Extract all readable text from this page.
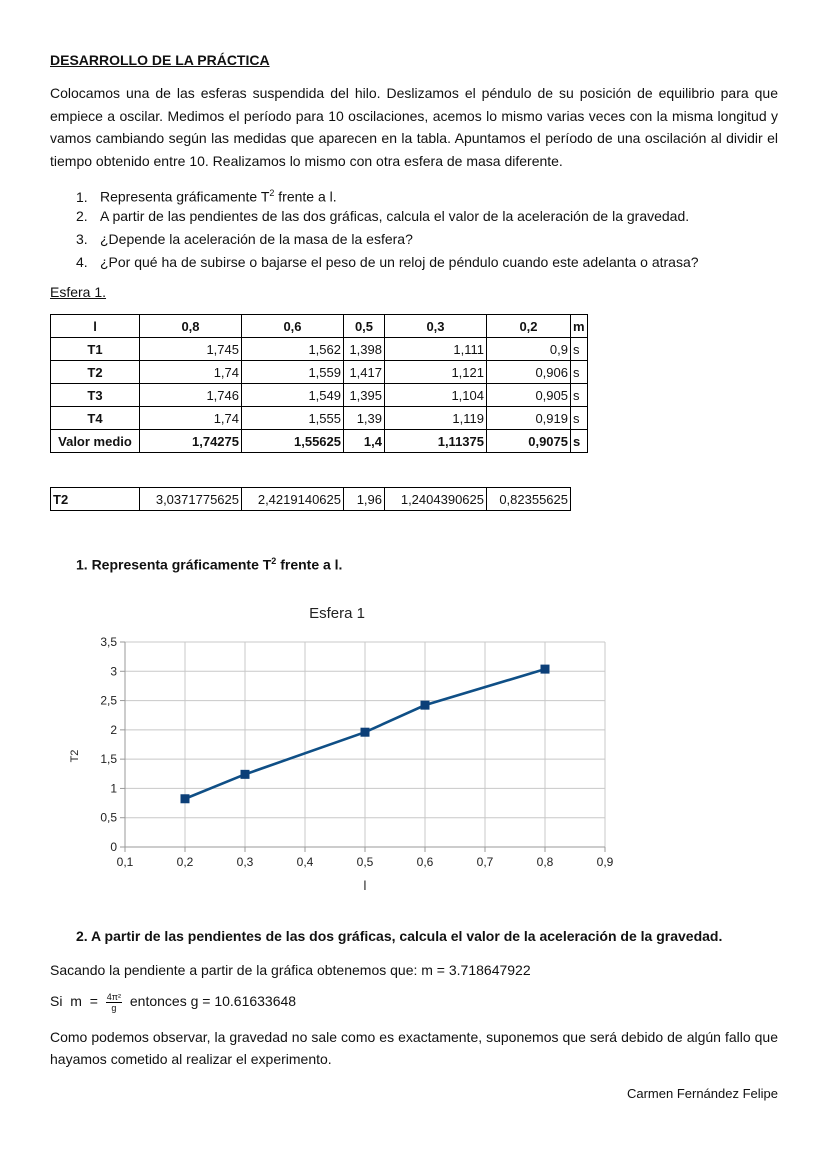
DESARROLLO DE LA PRÁCTICA

Colocamos una de las esferas suspendida del hilo. Deslizamos el péndulo de su posición de equilibrio para que empiece a oscilar. Medimos el período para 10 oscilaciones, acemos lo mismo varias veces con la misma longitud y vamos cambiando según las medidas que aparecen en la tabla. Apuntamos el período de una oscilación al dividir el tiempo obtenido entre 10. Realizamos lo mismo con otra esfera de masa diferente.

1. Representa gráficamente $T^2$ frente a l.
2. A partir de las pendientes de las dos gráficas, calcula el valor de la aceleración de la gravedad.
3. ¿Depende la aceleración de la masa de la esfera?
4. ¿Por qué ha de subirse o bajarse el peso de un reloj de péndulo cuando este adelanta o atrasa?
Esfera 1.
l	0,8	0,6	0,5	0,3	0,2	m
T1	1,745	1,562	1,398	1,111	0,9	s
T2	1,74	1,559	1,417	1,121	0,906	s
T3	1,746	1,549	1,395	1,104	0,905	s
T4	1,74	1,555	1,39	1,119	0,919	s
Valor medio	1,74275	1,55625	1,4	1,11375	0,9075	s
T2	3,0371775625	2,4219140625	1,96	1,2404390625	0,82355625
1. Representa gráficamente $T^2$ frente a l.
Esfera 1
0,1	0,2	0,3	0,4	0,5	0,6	0,7	0,8	0,9
0
0,5
1
1,5
2
2,5
3
3,5
l
T2
2. A partir de las pendientes de las dos gráficas, calcula el valor de la aceleración de la gravedad.
Sacando la pendiente a partir de la gráfica obtenemos que: m = 3.718647922
Si $m = \frac{\text{4π²}}{g}$ entonces g = 10.61633648

Como podemos observar, la gravedad no sale como es exactamente, suponemos que será debido de algún fallo que hayamos cometido al realizar el experimento.

Carmen Fernández Felipe
